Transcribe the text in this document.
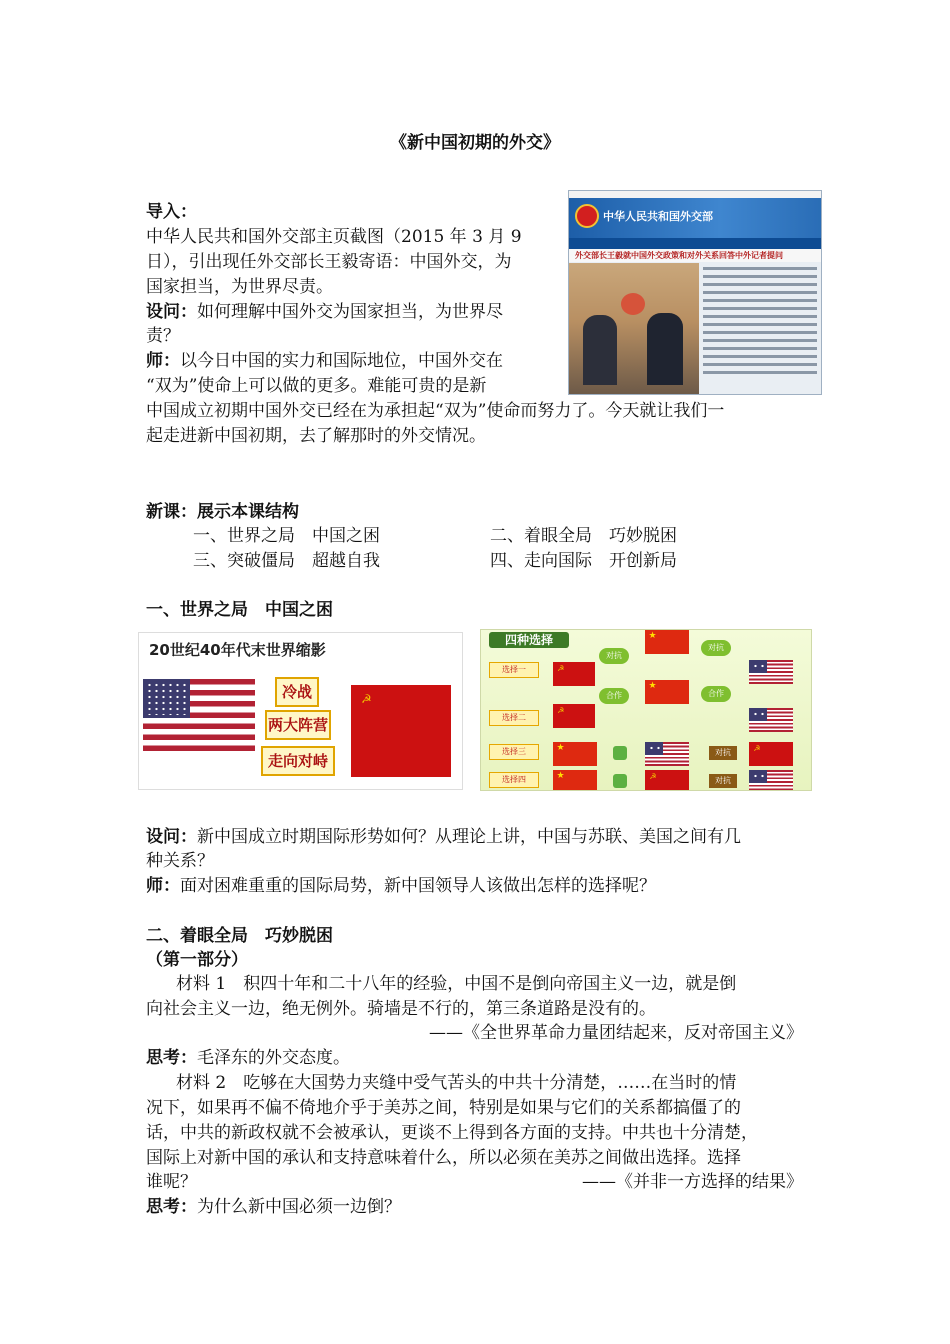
《新中国初期的外交》
导入：
中华人民共和国外交部主页截图（2015 年 3 月 9
日），引出现任外交部长王毅寄语：中国外交，为
国家担当，为世界尽责。
设问：如何理解中国外交为国家担当，为世界尽
责？
师：以今日中国的实力和国际地位，中国外交在
“双为”使命上可以做的更多。难能可贵的是新
中国成立初期中国外交已经在为承担起“双为”使命而努力了。今天就让我们一
起走进新中国初期，去了解那时的外交情况。
中华人民共和国外交部
外交部长王毅就中国外交政策和对外关系回答中外记者提问
新课：展示本课结构
一、世界之局　中国之困	二、着眼全局　巧妙脱困
三、突破僵局　超越自我	四、走向国际　开创新局
一、世界之局　中国之困
20世纪40年代末世界缩影
冷战
两大阵营
走向对峙
☭
四种选择
选择一
选择二
选择三
选择四
☭
☭
★
★
对抗
对抗
合作	合作
★
★
☭
对抗
对抗
☭
设问：新中国成立时期国际形势如何？从理论上讲，中国与苏联、美国之间有几
种关系？
师：面对困难重重的国际局势，新中国领导人该做出怎样的选择呢？
二、着眼全局　巧妙脱困
（第一部分）
材料 1　积四十年和二十八年的经验，中国不是倒向帝国主义一边，就是倒
向社会主义一边，绝无例外。骑墙是不行的，第三条道路是没有的。
——《全世界革命力量团结起来，反对帝国主义》
思考：毛泽东的外交态度。
材料 2　吃够在大国势力夹缝中受气苦头的中共十分清楚，……在当时的情
况下，如果再不偏不倚地介乎于美苏之间，特别是如果与它们的关系都搞僵了的
话，中共的新政权就不会被承认，更谈不上得到各方面的支持。中共也十分清楚，
国际上对新中国的承认和支持意味着什么，所以必须在美苏之间做出选择。选择
谁呢？	——《并非一方选择的结果》
思考：为什么新中国必须一边倒？
